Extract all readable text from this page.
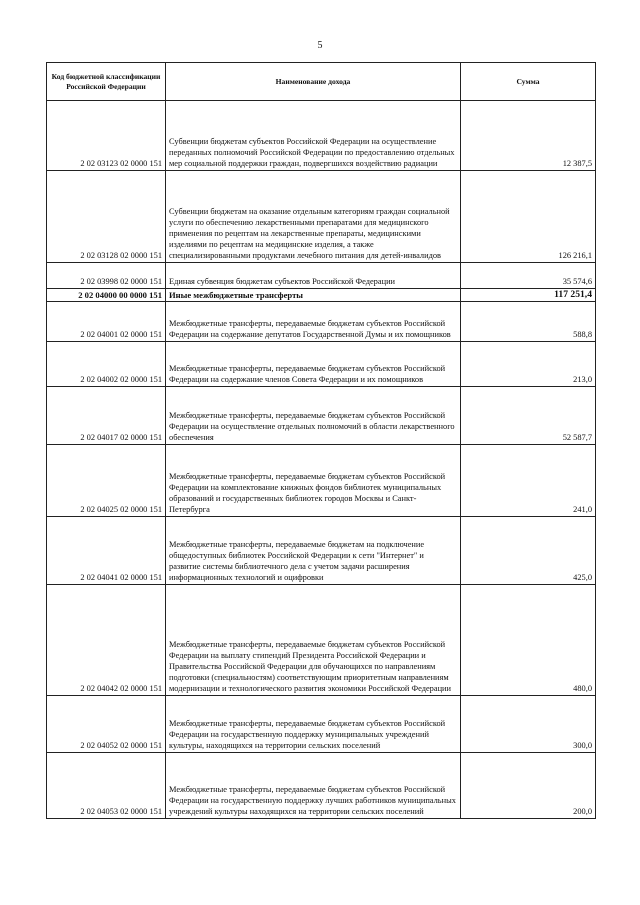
5
Код бюджетной классификации Российской Федерации	Наименование дохода	Сумма
2 02 03123 02 0000 151	Субвенции бюджетам субъектов Российской Федерации на осуществление переданных полномочий Российской Федерации по предоставлению отдельных мер социальной поддержки граждан, подвергшихся воздействию радиации	12 387,5
2 02 03128 02 0000 151	Субвенции бюджетам на оказание отдельным категориям граждан социальной услуги по обеспечению лекарственными препаратами для медицинского применения по рецептам на лекарственные препараты, медицинскими изделиями по рецептам на медицинские изделия, а также специализированными продуктами лечебного питания для детей-инвалидов	126 216,1
2 02 03998 02 0000 151	Единая субвенция бюджетам субъектов Российской Федерации	35 574,6
2 02 04000 00 0000 151	Иные межбюджетные трансферты	117 251,4
2 02 04001 02 0000 151	Межбюджетные трансферты, передаваемые бюджетам субъектов Российской Федерации на содержание депутатов Государственной Думы и их помощников	588,8
2 02 04002 02 0000 151	Межбюджетные трансферты, передаваемые бюджетам субъектов Российской Федерации на содержание членов Совета Федерации и их помощников	213,0
2 02 04017 02 0000 151	Межбюджетные трансферты, передаваемые бюджетам субъектов Российской Федерации на осуществление отдельных полномочий в области лекарственного обеспечения	52 587,7
2 02 04025 02 0000 151	Межбюджетные трансферты, передаваемые бюджетам субъектов Российской Федерации на комплектование книжных фондов библиотек муниципальных образований и государственных библиотек городов Москвы и Санкт-Петербурга	241,0
2 02 04041 02 0000 151	Межбюджетные трансферты, передаваемые бюджетам на подключение общедоступных библиотек Российской Федерации к сети "Интернет" и развитие системы библиотечного дела с учетом задачи расширения информационных технологий и оцифровки	425,0
2 02 04042 02 0000 151	Межбюджетные трансферты, передаваемые бюджетам субъектов Российской Федерации на выплату стипендий Президента Российской Федерации и Правительства Российской Федерации для обучающихся по направлениям подготовки (специальностям) соответствующим приоритетным направлениям модернизации и технологического развития экономики Российской Федерации	480,0
2 02 04052 02 0000 151	Межбюджетные трансферты, передаваемые бюджетам субъектов Российской Федерации на государственную поддержку муниципальных учреждений культуры, находящихся на территории сельских поселений	300,0
2 02 04053 02 0000 151	Межбюджетные трансферты, передаваемые бюджетам субъектов Российской Федерации на государственную поддержку лучших работников муниципальных учреждений культуры находящихся на территории сельских поселений	200,0
